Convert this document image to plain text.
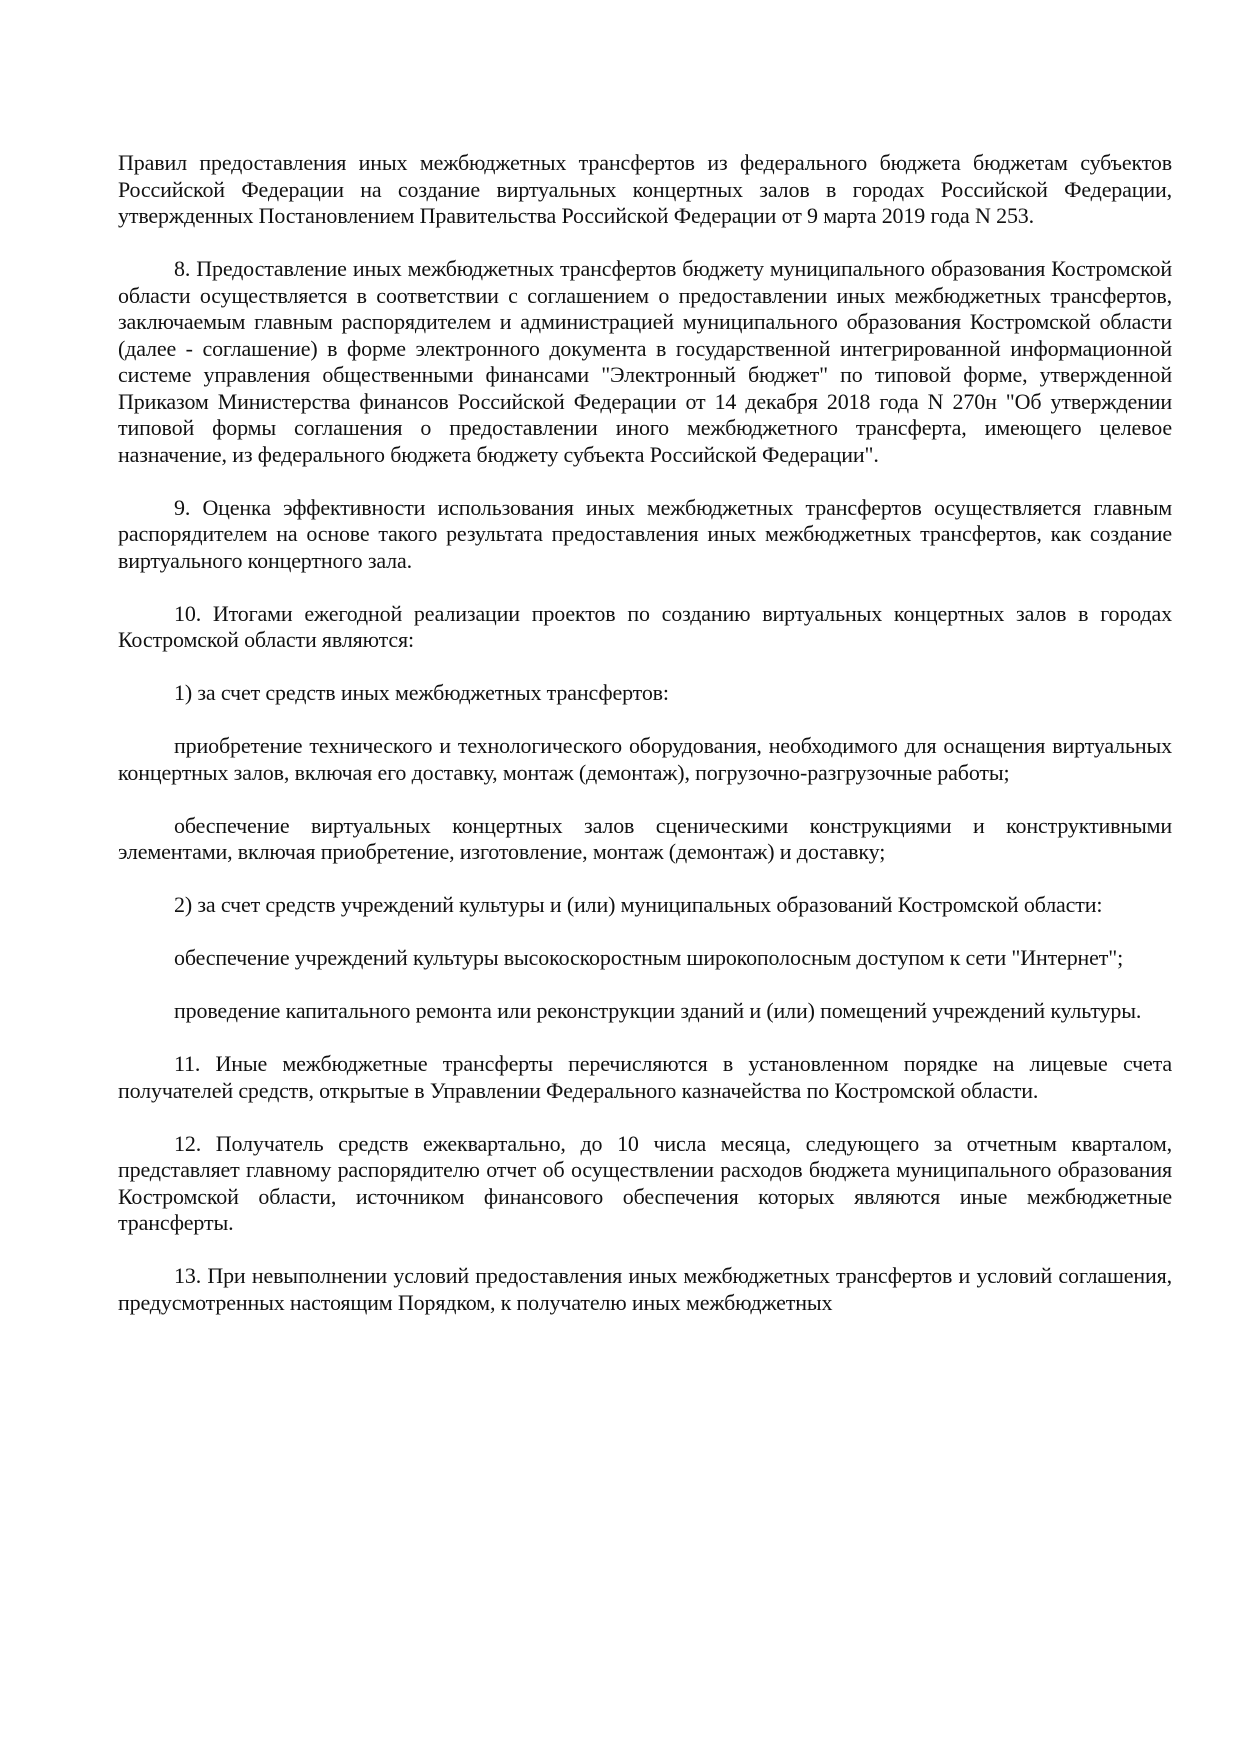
Правил предоставления иных межбюджетных трансфертов из федерального бюджета бюджетам субъектов Российской Федерации на создание виртуальных концертных залов в городах Российской Федерации, утвержденных Постановлением Правительства Российской Федерации от 9 марта 2019 года N 253.

8. Предоставление иных межбюджетных трансфертов бюджету муниципального образования Костромской области осуществляется в соответствии с соглашением о предоставлении иных межбюджетных трансфертов, заключаемым главным распорядителем и администрацией муниципального образования Костромской области (далее - соглашение) в форме электронного документа в государственной интегрированной информационной системе управления общественными финансами "Электронный бюджет" по типовой форме, утвержденной Приказом Министерства финансов Российской Федерации от 14 декабря 2018 года N 270н "Об утверждении типовой формы соглашения о предоставлении иного межбюджетного трансферта, имеющего целевое назначение, из федерального бюджета бюджету субъекта Российской Федерации".

9. Оценка эффективности использования иных межбюджетных трансфертов осуществляется главным распорядителем на основе такого результата предоставления иных межбюджетных трансфертов, как создание виртуального концертного зала.

10. Итогами ежегодной реализации проектов по созданию виртуальных концертных залов в городах Костромской области являются:

1) за счет средств иных межбюджетных трансфертов:

приобретение технического и технологического оборудования, необходимого для оснащения виртуальных концертных залов, включая его доставку, монтаж (демонтаж), погрузочно-разгрузочные работы;

обеспечение виртуальных концертных залов сценическими конструкциями и конструктивными элементами, включая приобретение, изготовление, монтаж (демонтаж) и доставку;

2) за счет средств учреждений культуры и (или) муниципальных образований Костромской области:

обеспечение учреждений культуры высокоскоростным широкополосным доступом к сети "Интернет";

проведение капитального ремонта или реконструкции зданий и (или) помещений учреждений культуры.

11. Иные межбюджетные трансферты перечисляются в установленном порядке на лицевые счета получателей средств, открытые в Управлении Федерального казначейства по Костромской области.

12. Получатель средств ежеквартально, до 10 числа месяца, следующего за отчетным кварталом, представляет главному распорядителю отчет об осуществлении расходов бюджета муниципального образования Костромской области, источником финансового обеспечения которых являются иные межбюджетные трансферты.

13. При невыполнении условий предоставления иных межбюджетных трансфертов и условий соглашения, предусмотренных настоящим Порядком, к получателю иных межбюджетных
